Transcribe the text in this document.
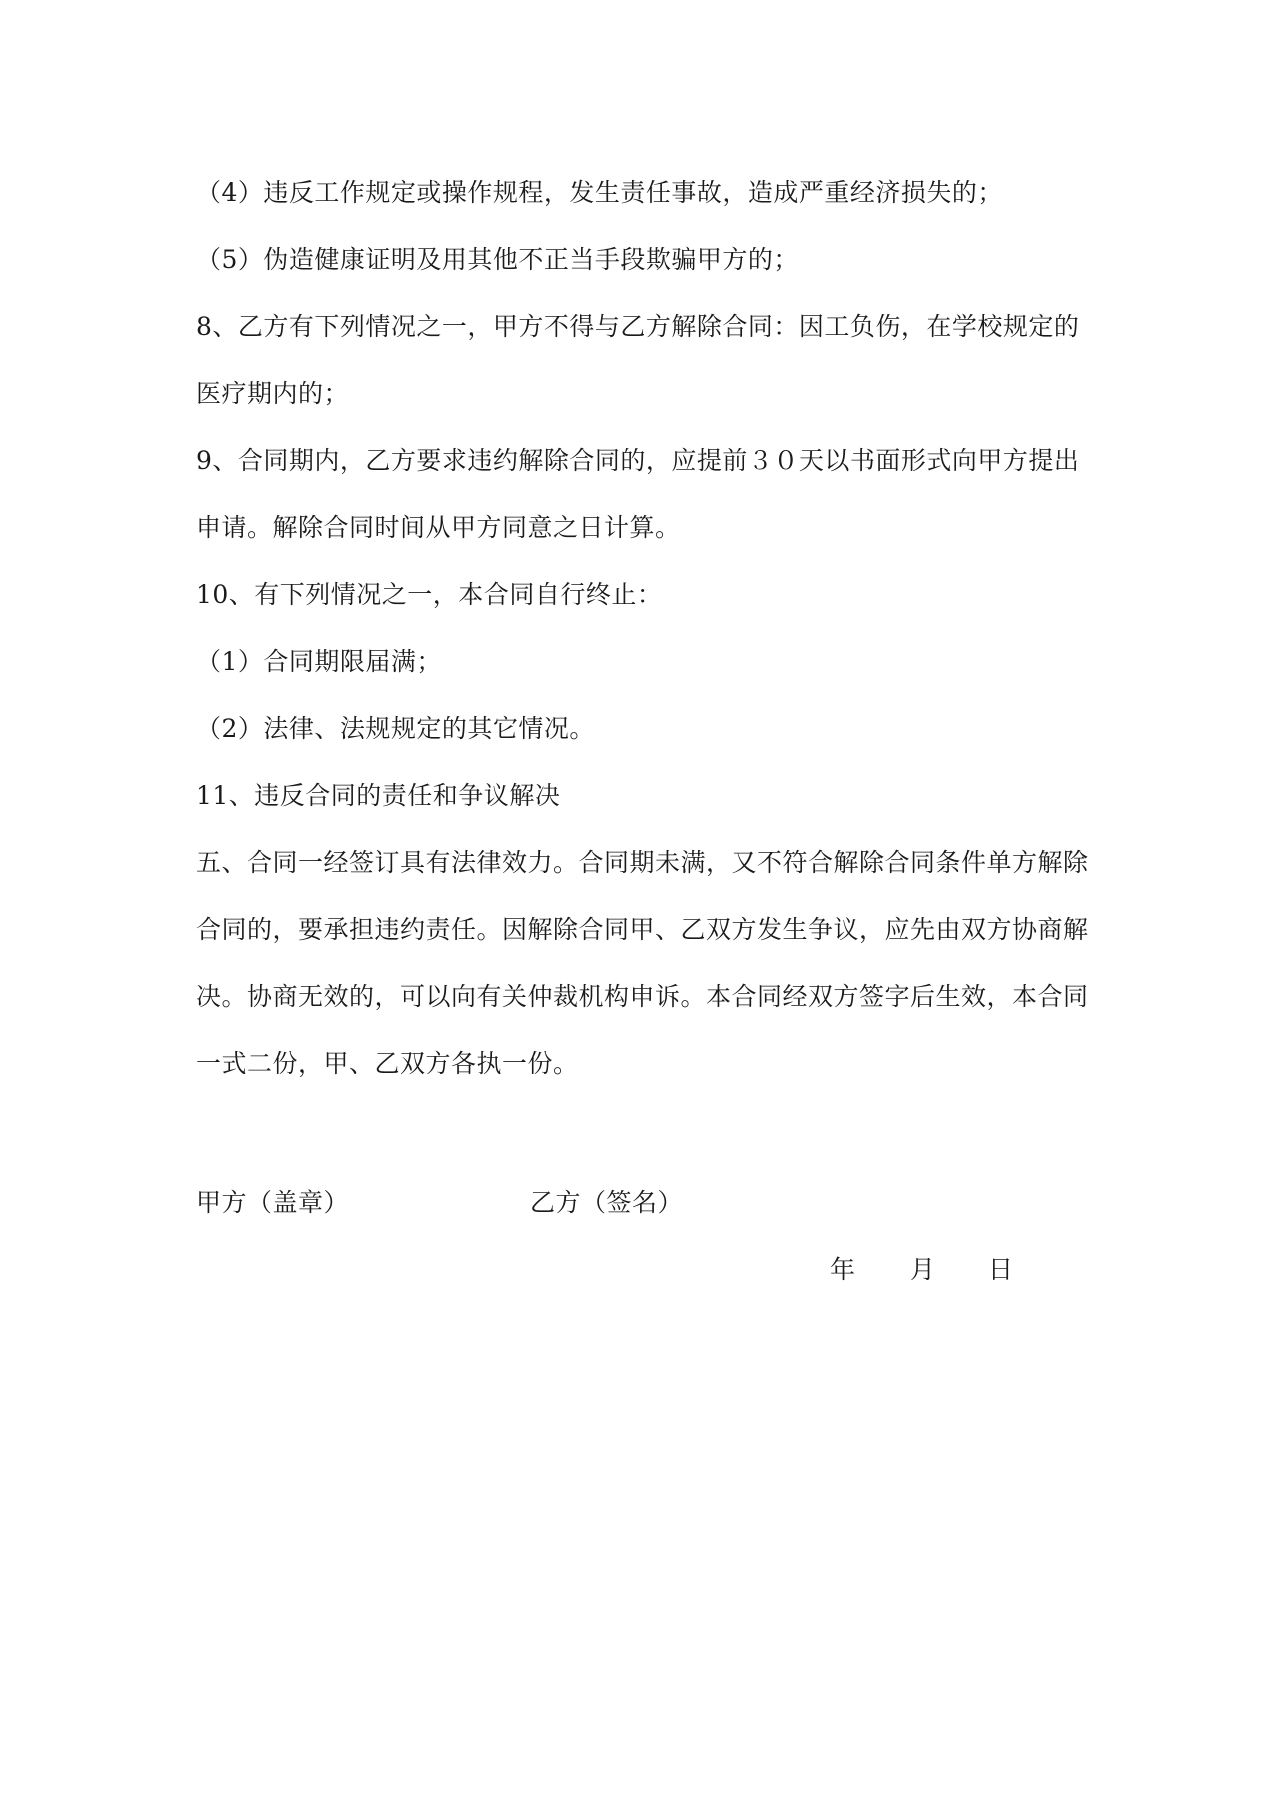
（4）违反工作规定或操作规程，发生责任事故，造成严重经济损失的；

（5）伪造健康证明及用其他不正当手段欺骗甲方的；

8、乙方有下列情况之一，甲方不得与乙方解除合同：因工负伤，在学校规定的医疗期内的；

9、合同期内，乙方要求违约解除合同的，应提前３０天以书面形式向甲方提出申请。解除合同时间从甲方同意之日计算。

10、有下列情况之一，本合同自行终止：

（1）合同期限届满；

（2）法律、法规规定的其它情况。

11、违反合同的责任和争议解决

五、合同一经签订具有法律效力。合同期未满，又不符合解除合同条件单方解除合同的，要承担违约责任。因解除合同甲、乙双方发生争议，应先由双方协商解决。协商无效的，可以向有关仲裁机构申诉。本合同经双方签字后生效，本合同一式二份，甲、乙双方各执一份。

甲方（盖章）	乙方（签名）
年 月 日
